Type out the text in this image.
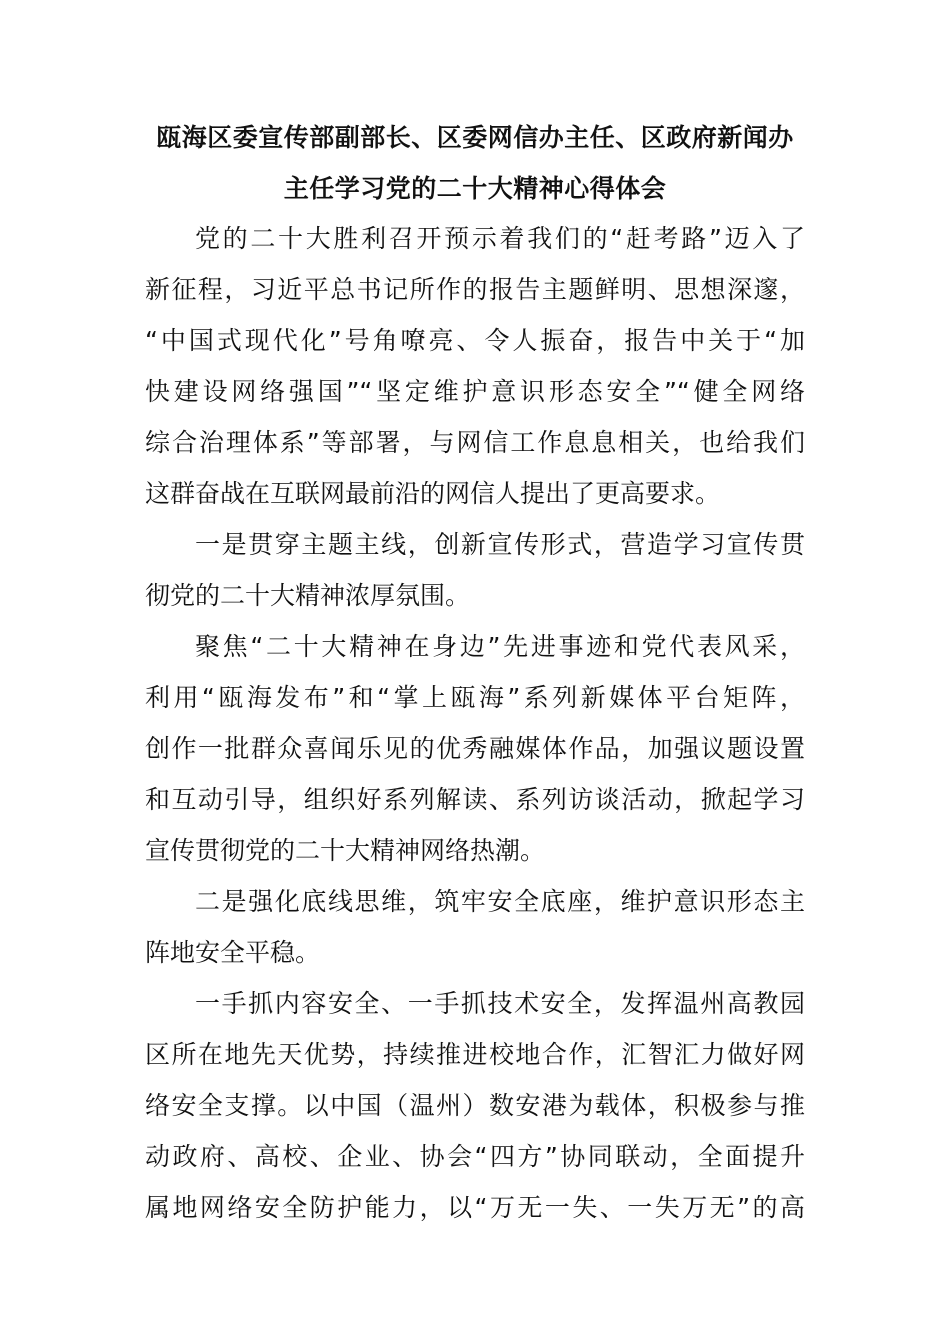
瓯海区委宣传部副部长、区委网信办主任、区政府新闻办
主任学习党的二十大精神心得体会
党的二十大胜利召开预示着我们的“赶考路”迈入了
新征程，习近平总书记所作的报告主题鲜明、思想深邃，
“中国式现代化”号角嘹亮、令人振奋，报告中关于“加
快建设网络强国”“坚定维护意识形态安全”“健全网络
综合治理体系”等部署，与网信工作息息相关，也给我们
这群奋战在互联网最前沿的网信人提出了更高要求。
一是贯穿主题主线，创新宣传形式，营造学习宣传贯
彻党的二十大精神浓厚氛围。
聚焦“二十大精神在身边”先进事迹和党代表风采，
利用“瓯海发布”和“掌上瓯海”系列新媒体平台矩阵，
创作一批群众喜闻乐见的优秀融媒体作品，加强议题设置
和互动引导，组织好系列解读、系列访谈活动，掀起学习
宣传贯彻党的二十大精神网络热潮。
二是强化底线思维，筑牢安全底座，维护意识形态主
阵地安全平稳。
一手抓内容安全、一手抓技术安全，发挥温州高教园
区所在地先天优势，持续推进校地合作，汇智汇力做好网
络安全支撑。以中国（温州）数安港为载体，积极参与推
动政府、高校、企业、协会“四方”协同联动，全面提升
属地网络安全防护能力，以“万无一失、一失万无”的高
